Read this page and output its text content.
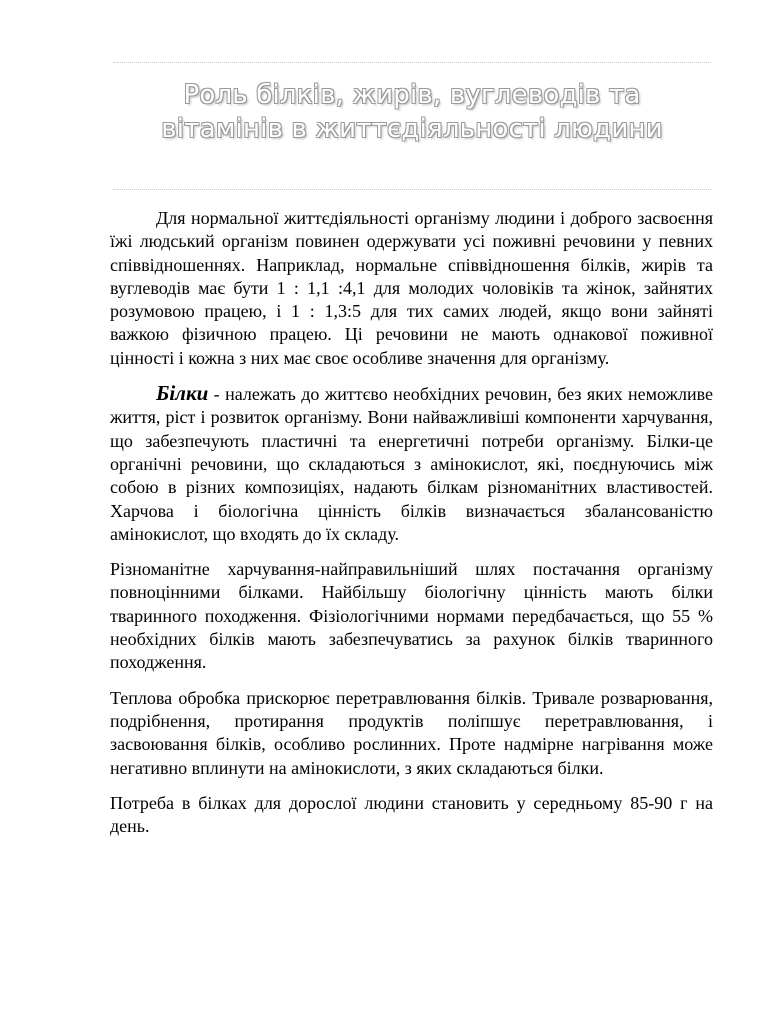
Роль білків, жирів, вуглеводів та
вітамінів в життєдіяльності людини

Для нормальної життєдіяльності організму людини і доброго засвоєння їжі людський організм повинен одержувати усі поживні речовини у певних співвідношеннях. Наприклад, нормальне співвідношення білків, жирів та вуглеводів має бути 1 : 1,1 :4,1 для молодих чоловіків та жінок, зайнятих розумовою працею, і 1 : 1,3:5 для тих самих людей, якщо вони зайняті важкою фізичною працею. Ці речовини не мають однакової поживної цінності і кожна з них має своє особливе значення для організму.

Білки - належать до життєво необхідних речовин, без яких неможливе життя, ріст і розвиток організму. Вони найважливіші компоненти харчування, що забезпечують пластичні та енергетичні потреби організму. Білки-це органічні речовини, що складаються з амінокислот, які, поєднуючись між собою в різних композиціях, надають білкам різноманітних властивостей. Харчова і біологічна цінність білків визначається збалансованістю амінокислот, що входять до їх складу.

Різноманітне харчування-найправильніший шлях постачання організму повноцінними білками. Найбільшу біологічну цінність мають білки тваринного походження. Фізіологічними нормами передбачається, що 55 % необхідних білків мають забезпечуватись за рахунок білків тваринного походження.

Теплова обробка прискорює перетравлювання білків. Тривале розварювання, подрібнення, протирання продуктів поліпшує перетравлювання, і засвоювання білків, особливо рослинних. Проте надмірне нагрівання може негативно вплинути на амінокислоти, з яких складаються білки.

Потреба в білках для дорослої людини становить у середньому 85-90 г на день.
